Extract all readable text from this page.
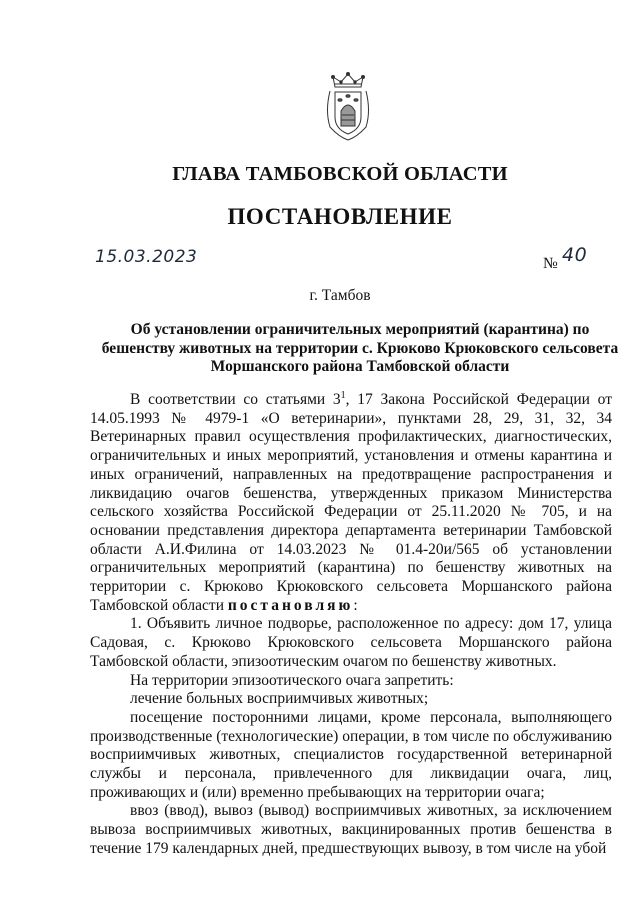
ГЛАВА ТАМБОВСКОЙ ОБЛАСТИ
ПОСТАНОВЛЕНИЕ
15.03.2023	№ 40
г. Тамбов
Об установлении ограничительных мероприятий (карантина) по
бешенству животных на территории с. Крюково Крюковского сельсовета
Моршанского района Тамбовской области

В соответствии со статьями $3^1$, 17 Закона Российской Федерации от 14.05.1993 № 4979-1 «О ветеринарии», пунктами 28, 29, 31, 32, 34 Ветеринарных правил осуществления профилактических, диагностических, ограничительных и иных мероприятий, установления и отмены карантина и иных ограничений, направленных на предотвращение распространения и ликвидацию очагов бешенства, утвержденных приказом Министерства сельского хозяйства Российской Федерации от 25.11.2020 № 705, и на основании представления директора департамента ветеринарии Тамбовской области А.И.Филина от 14.03.2023 № 01.4-20и/565 об установлении ограничительных мероприятий (карантина) по бешенству животных на территории с. Крюково Крюковского сельсовета Моршанского района Тамбовской области постановляю:

1. Объявить личное подворье, расположенное по адресу: дом 17, улица Садовая, с. Крюково Крюковского сельсовета Моршанского района Тамбовской области, эпизоотическим очагом по бешенству животных.

На территории эпизоотического очага запретить:

лечение больных восприимчивых животных;

посещение посторонними лицами, кроме персонала, выполняющего производственные (технологические) операции, в том числе по обслуживанию восприимчивых животных, специалистов государственной ветеринарной службы и персонала, привлеченного для ликвидации очага, лиц, проживающих и (или) временно пребывающих на территории очага;

ввоз (ввод), вывоз (вывод) восприимчивых животных, за исключением вывоза восприимчивых животных, вакцинированных против бешенства в течение 179 календарных дней, предшествующих вывозу, в том числе на убой
